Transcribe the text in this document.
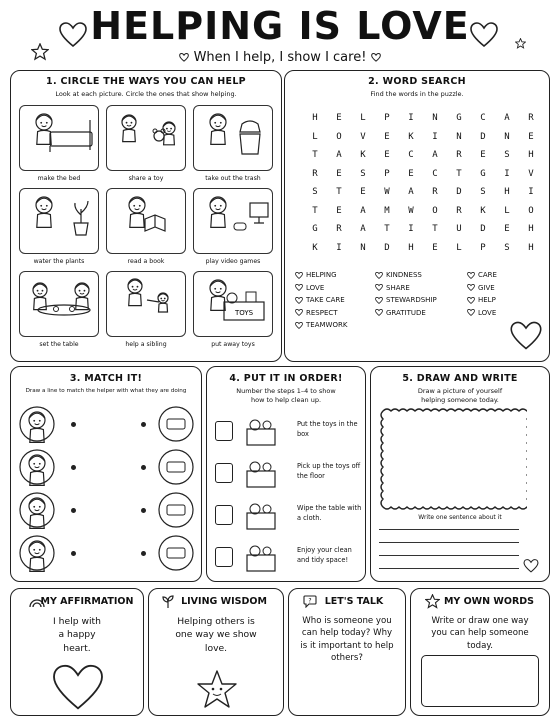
HELPING IS LOVE
When I help, I show I care!
1. CIRCLE THE WAYS YOU CAN HELP
Look at each picture. Circle the ones that show helping.
make the bed	share a toy	take out the trash
water the plants	read a book	play video games
set the table	help a sibling
TOYS
put away toys
2. WORD SEARCH
Find the words in the puzzle.
H	E	L	P	I	N	G	C	A	R
L	O	V	E	K	I	N	D	N	E
T	A	K	E	C	A	R	E	S	H
R	E	S	P	E	C	T	G	I	V
S	T	E	W	A	R	D	S	H	I
T	E	A	M	W	O	R	K	L	O
G	R	A	T	I	T	U	D	E	H
K	I	N	D	H	E	L	P	S	H
HELPING	KINDNESS	CARE
LOVE	SHARE	GIVE
TAKE CARE	STEWARDSHIP	HELP
RESPECT	GRATITUDE	LOVE
TEAMWORK
3. MATCH IT!
Draw a line to match the helper with what they are doing
4. PUT IT IN ORDER!
Number the steps 1–4 to show how to help clean up.
Put the toys in the box
Pick up the toys off the floor
Wipe the table with a cloth.
Enjoy your clean and tidy space!
5. DRAW AND WRITE
Draw a picture of yourself helping someone today.
Write one sentence about it
MY AFFIRMATION
I help with a happy heart.
LIVING WISDOM
Helping others is one way we show love.
?	LET'S TALK
Who is someone you can help today? Why is it important to help others?
MY OWN WORDS
Write or draw one way you can help someone today.
